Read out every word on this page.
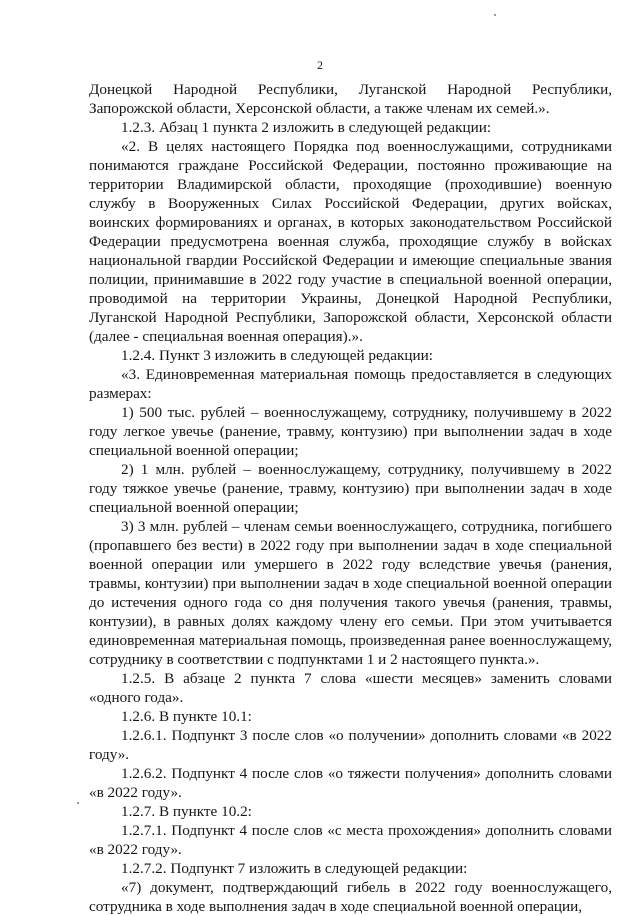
2

Донецкой Народной Республики, Луганской Народной Республики, Запорожской области, Херсонской области, а также членам их семей.».

1.2.3. Абзац 1 пункта 2 изложить в следующей редакции:

«2. В целях настоящего Порядка под военнослужащими, сотрудниками понимаются граждане Российской Федерации, постоянно проживающие на территории Владимирской области, проходящие (проходившие) военную службу в Вооруженных Силах Российской Федерации, других войсках, воинских формированиях и органах, в которых законодательством Российской Федерации предусмотрена военная служба, проходящие службу в войсках национальной гвардии Российской Федерации и имеющие специальные звания полиции, принимавшие в 2022 году участие в специальной военной операции, проводимой на территории Украины, Донецкой Народной Республики, Луганской Народной Республики, Запорожской области, Херсонской области (далее - специальная военная операция).».

1.2.4. Пункт 3 изложить в следующей редакции:

«3. Единовременная материальная помощь предоставляется в следующих размерах:

1) 500 тыс. рублей – военнослужащему, сотруднику, получившему в 2022 году легкое увечье (ранение, травму, контузию) при выполнении задач в ходе специальной военной операции;

2) 1 млн. рублей – военнослужащему, сотруднику, получившему в 2022 году тяжкое увечье (ранение, травму, контузию) при выполнении задач в ходе специальной военной операции;

3) 3 млн. рублей – членам семьи военнослужащего, сотрудника, погибшего (пропавшего без вести) в 2022 году при выполнении задач в ходе специальной военной операции или умершего в 2022 году вследствие увечья (ранения, травмы, контузии) при выполнении задач в ходе специальной военной операции до истечения одного года со дня получения такого увечья (ранения, травмы, контузии), в равных долях каждому члену его семьи. При этом учитывается единовременная материальная помощь, произведенная ранее военнослужащему, сотруднику в соответствии с подпунктами 1 и 2 настоящего пункта.».

1.2.5. В абзаце 2 пункта 7 слова «шести месяцев» заменить словами «одного года».

1.2.6. В пункте 10.1:

1.2.6.1. Подпункт 3 после слов «о получении» дополнить словами «в 2022 году».

1.2.6.2. Подпункт 4 после слов «о тяжести получения» дополнить словами «в 2022 году».

1.2.7. В пункте 10.2:

1.2.7.1. Подпункт 4 после слов «с места прохождения» дополнить словами «в 2022 году».

1.2.7.2. Подпункт 7 изложить в следующей редакции:

«7) документ, подтверждающий гибель в 2022 году военнослужащего, сотрудника в ходе выполнения задач в ходе специальной военной операции,
